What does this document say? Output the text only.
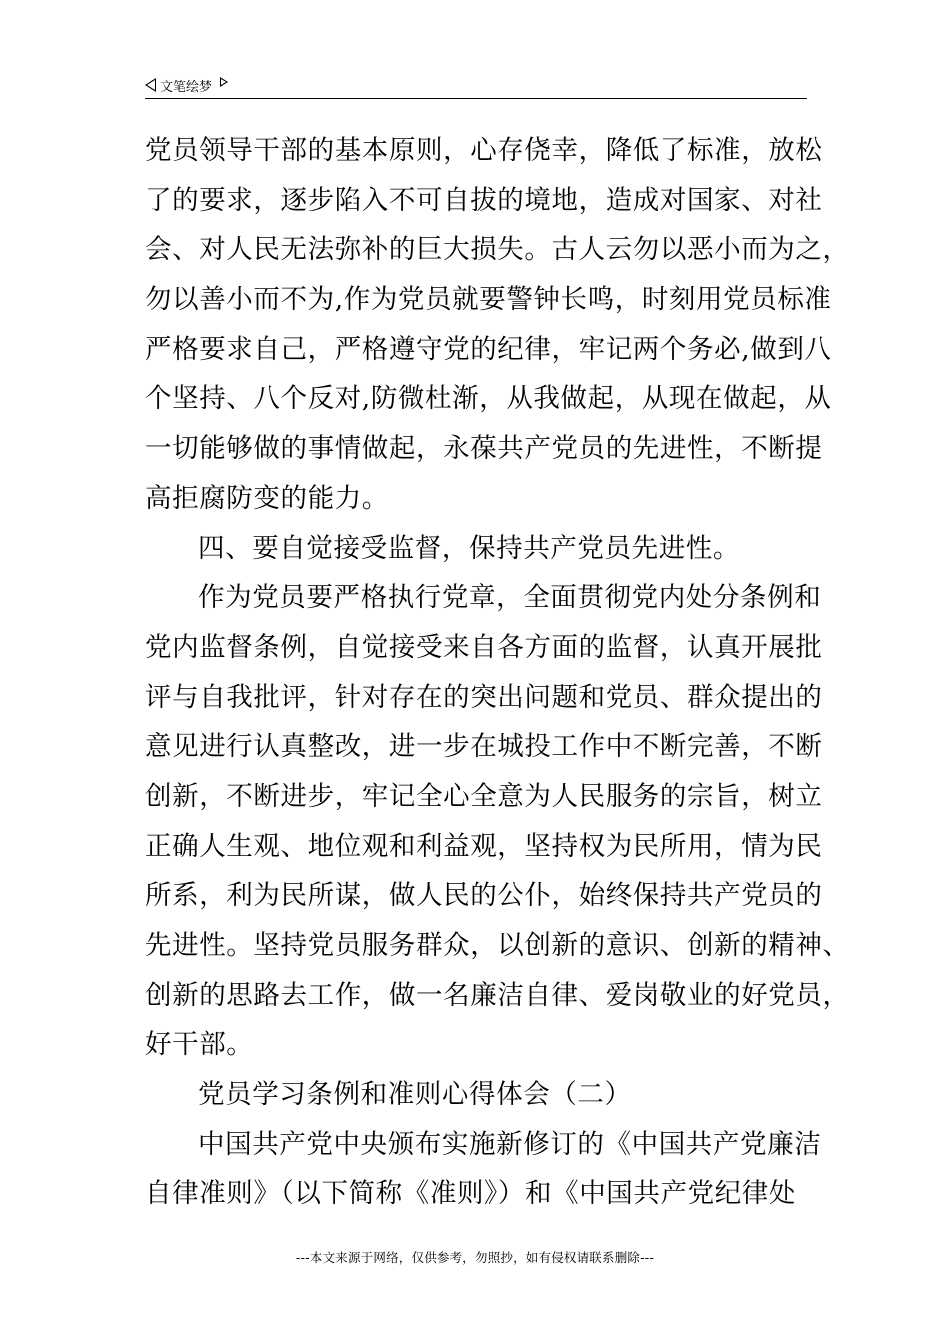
文笔绘梦
党员领导干部的基本原则，心存侥幸，降低了标准，放松
了的要求，逐步陷入不可自拔的境地，造成对国家、对社
会、对人民无法弥补的巨大损失。古人云勿以恶小而为之，
勿以善小而不为,作为党员就要警钟长鸣，时刻用党员标准
严格要求自己，严格遵守党的纪律，牢记两个务必,做到八
个坚持、八个反对,防微杜渐，从我做起，从现在做起，从
一切能够做的事情做起，永葆共产党员的先进性，不断提
高拒腐防变的能力。
四、要自觉接受监督，保持共产党员先进性。
作为党员要严格执行党章，全面贯彻党内处分条例和
党内监督条例，自觉接受来自各方面的监督，认真开展批
评与自我批评，针对存在的突出问题和党员、群众提出的
意见进行认真整改，进一步在城投工作中不断完善，不断
创新，不断进步，牢记全心全意为人民服务的宗旨，树立
正确人生观、地位观和利益观，坚持权为民所用，情为民
所系，利为民所谋，做人民的公仆，始终保持共产党员的
先进性。坚持党员服务群众，以创新的意识、创新的精神、
创新的思路去工作，做一名廉洁自律、爱岗敬业的好党员，
好干部。
党员学习条例和准则心得体会（二）
中国共产党中央颁布实施新修订的《中国共产党廉洁
自律准则》（以下简称《准则》）和《中国共产党纪律处
---本文来源于网络，仅供参考，勿照抄，如有侵权请联系删除---
